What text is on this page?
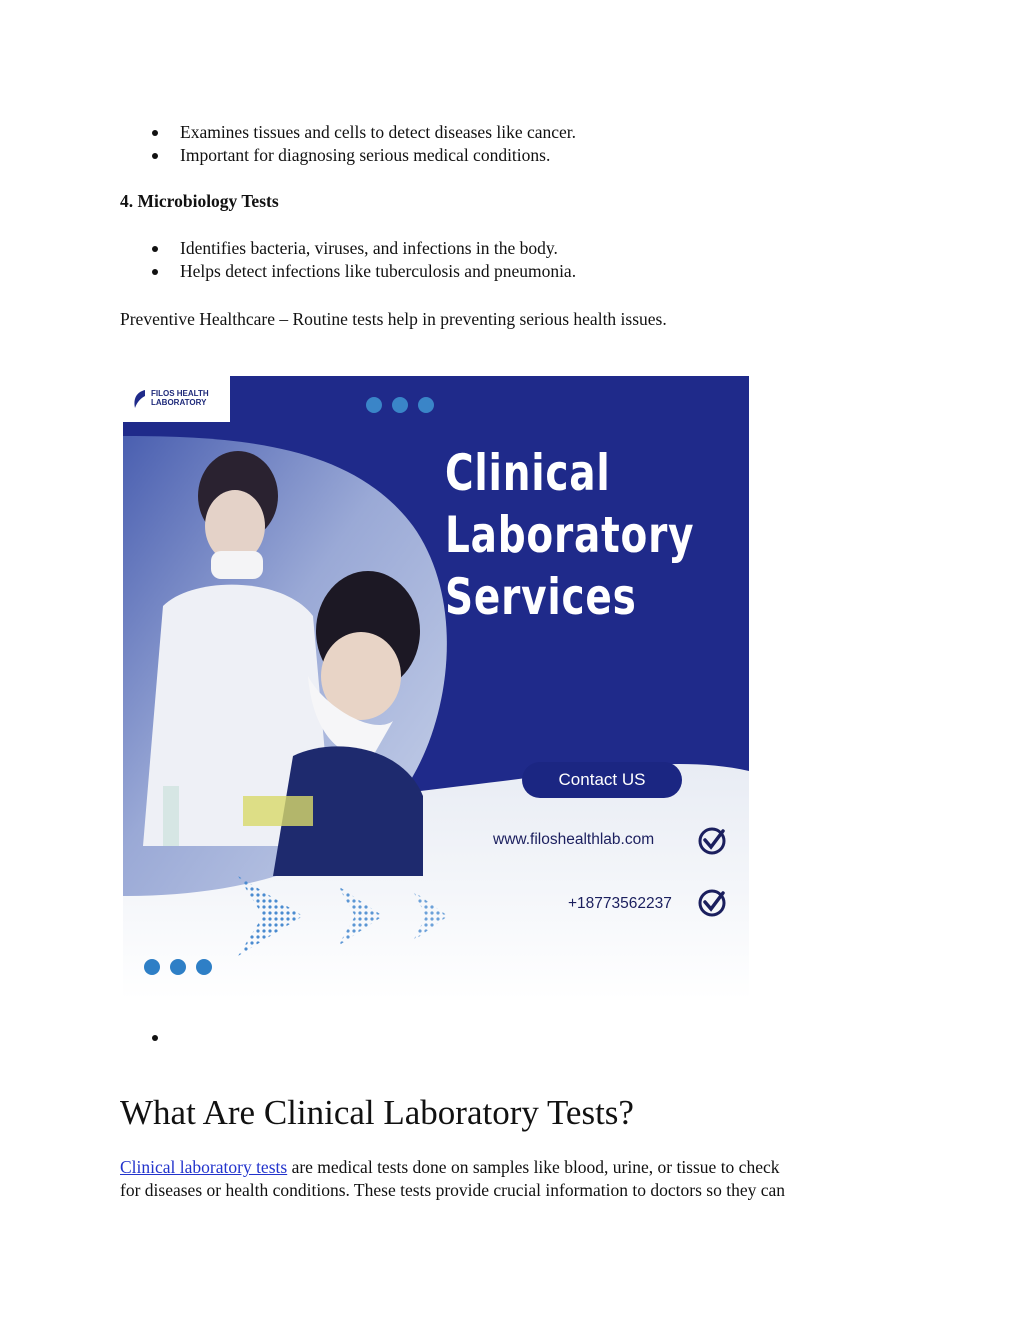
Examines tissues and cells to detect diseases like cancer.
Important for diagnosing serious medical conditions.
4. Microbiology Tests
Identifies bacteria, viruses, and infections in the body.
Helps detect infections like tuberculosis and pneumonia.
Preventive Healthcare – Routine tests help in preventing serious health issues.
FILOS HEALTH
LABORATORY
Clinical
Laboratory
Services
Contact US
www.filoshealthlab.com
+18773562237

What Are Clinical Laboratory Tests?
Clinical laboratory tests are medical tests done on samples like blood, urine, or tissue to check
for diseases or health conditions. These tests provide crucial information to doctors so they can
